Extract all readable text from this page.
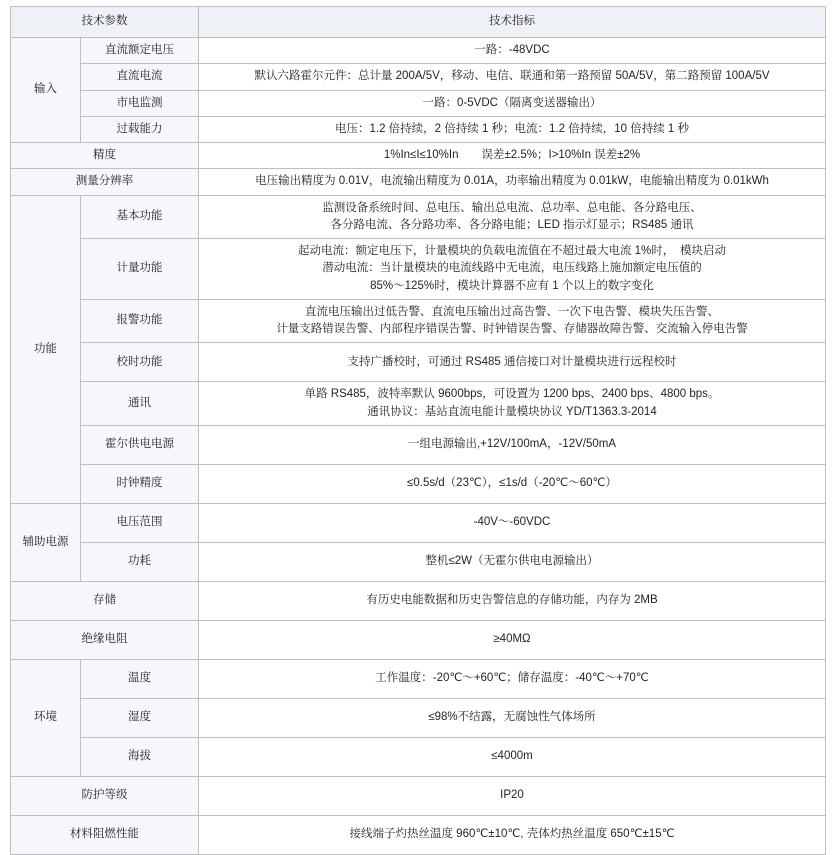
技术参数		技术指标
输入	直流额定电压	一路：-48VDC
	直流电流	默认六路霍尔元件：总计量 200A/5V，移动、电信、联通和第一路预留 50A/5V，第二路预留 100A/5V
	市电监测	一路：0-5VDC（隔离变送器输出）
	过载能力	电压：1.2 倍持续，2 倍持续 1 秒；电流：1.2 倍持续，10 倍持续 1 秒
精度		1%In≤I≤10%In　　误差±2.5%；I>10%In 误差±2%
测量分辨率		电压输出精度为 0.01V，电流输出精度为 0.01A，功率输出精度为 0.01kW，电能输出精度为 0.01kWh
功能	基本功能	监测设备系统时间、总电压、输出总电流、总功率、总电能、各分路电压、
各分路电流、各分路功率、各分路电能；LED 指示灯显示；RS485 通讯

	计量功能	起动电流：额定电压下，计量模块的负载电流值在不超过最大电流 1%时，　模块启动
潜动电流：当计量模块的电流线路中无电流，电压线路上施加额定电压值的
85%～125%时，模块计算器不应有 1 个以上的数字变化

	报警功能	直流电压输出过低告警、直流电压输出过高告警、一次下电告警、模块失压告警、
计量支路错误告警、内部程序错误告警、时钟错误告警、存储器故障告警、交流输入停电告警

	校时功能	支持广播校时，可通过 RS485 通信接口对计量模块进行远程校时
	通讯	单路 RS485，波特率默认 9600bps，可设置为 1200 bps、2400 bps、4800 bps。
通讯协议：基站直流电能计量模块协议 YD/T1363.3-2014

	霍尔供电电源	一组电源输出,+12V/100mA，-12V/50mA
	时钟精度	≤0.5s/d（23℃），≤1s/d（-20℃～60℃）
辅助电源	电压范围	-40V～-60VDC
	功耗	整机≤2W（无霍尔供电电源输出）
存储		有历史电能数据和历史告警信息的存储功能，内存为 2MB
绝缘电阻		≥40MΩ
环境	温度	工作温度：-20℃～+60℃；储存温度：-40℃～+70℃
	湿度	≤98%不结露，无腐蚀性气体场所
	海拔	≤4000m
防护等级		IP20
材料阻燃性能		接线端子灼热丝温度 960℃±10℃, 壳体灼热丝温度 650℃±15℃
